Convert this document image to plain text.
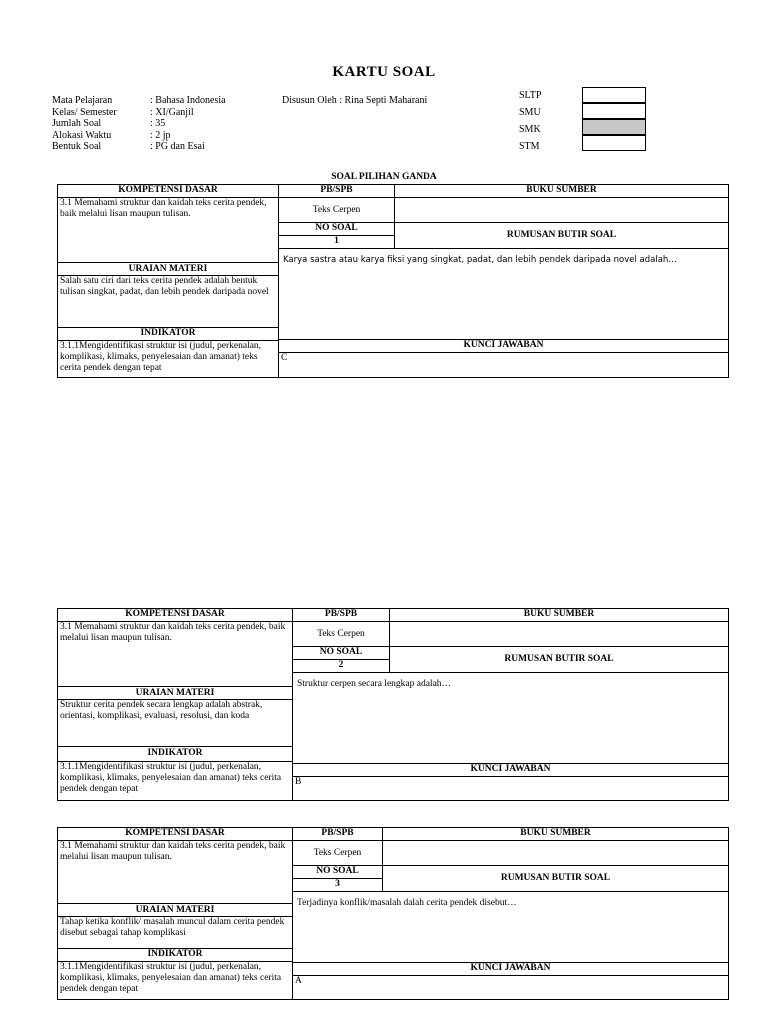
KARTU SOAL
Mata Pelajaran	: Bahasa Indonesia
Kelas/ Semester	: XI/Ganjil
Jumlah Soal	: 35
Alokasi Waktu	: 2 jp
Bentuk Soal	: PG dan Esai
Disusun Oleh : Rina Septi Maharani	SLTP
SMU
SMK
STM
SOAL PILIHAN GANDA
KOMPETENSI DASAR	PB/SPB	BUKU SUMBER
3.1 Memahami struktur dan kaidah teks cerita pendek, baik melalui lisan maupun tulisan.	Teks Cerpen
NO SOAL
1
RUMUSAN BUTIR SOAL
Karya sastra atau karya fiksi yang singkat, padat, dan lebih pendek daripada novel adalah…
URAIAN MATERI
Salah satu ciri dari teks cerita pendek adalah bentuk tulisan singkat, padat, dan lebih pendek daripada novel
INDIKATOR
3.1.1Mengidentifikasi struktur isi (judul, perkenalan, komplikasi, klimaks, penyelesaian dan amanat) teks cerita pendek dengan tepat
KUNCI JAWABAN
C
KOMPETENSI DASAR	PB/SPB	BUKU SUMBER
3.1 Memahami struktur dan kaidah teks cerita pendek, baik melalui lisan maupun tulisan.	Teks Cerpen
NO SOAL
2
RUMUSAN BUTIR SOAL
Struktur cerpen secara lengkap adalah…
URAIAN MATERI
Struktur cerita pendek secara lengkap adalah abstrak, orientasi, komplikasi, evaluasi, resolusi, dan koda
INDIKATOR
3.1.1Mengidentifikasi struktur isi (judul, perkenalan, komplikasi, klimaks, penyelesaian dan amanat) teks cerita pendek dengan tepat
KUNCI JAWABAN
B
KOMPETENSI DASAR	PB/SPB	BUKU SUMBER
3.1 Memahami struktur dan kaidah teks cerita pendek, baik melalui lisan maupun tulisan.	Teks Cerpen
NO SOAL
3
RUMUSAN BUTIR SOAL
Terjadinya konflik/masalah dalah cerita pendek disebut…
URAIAN MATERI
Tahap ketika konflik/ masalah muncul dalam cerita pendek disebut sebagai tahap komplikasi
INDIKATOR
3.1.1Mengidentifikasi struktur isi (judul, perkenalan, komplikasi, klimaks, penyelesaian dan amanat) teks cerita pendek dengan tepat
KUNCI JAWABAN
A
